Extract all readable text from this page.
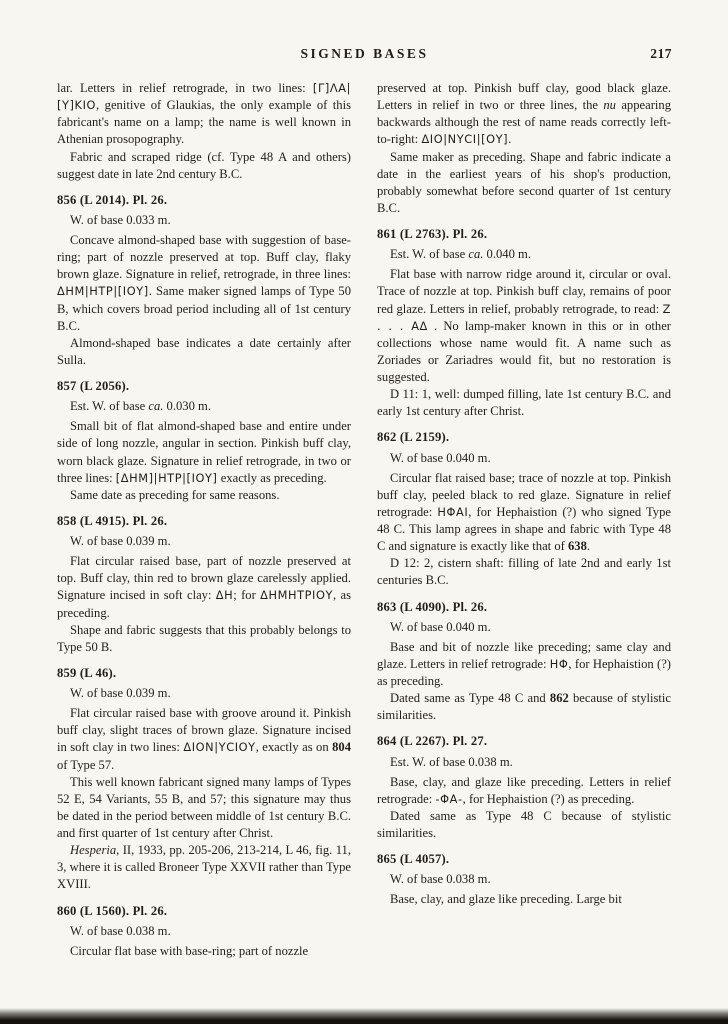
SIGNED BASES	217

lar. Letters in relief retrograde, in two lines: [Γ]ΛΑ|[Υ]ΚΙΟ, genitive of Glaukias, the only example of this fabricant's name on a lamp; the name is well known in Athenian prosopography.

Fabric and scraped ridge (cf. Type 48 A and others) suggest date in late 2nd century B.C.

856 (L 2014). Pl. 26.

W. of base 0.033 m.

Concave almond-shaped base with suggestion of base-ring; part of nozzle preserved at top. Buff clay, flaky brown glaze. Signature in relief, retrograde, in three lines: ΔΗΜ|ΗΤΡ|[ΙΟΥ]. Same maker signed lamps of Type 50 B, which covers broad period including all of 1st century B.C.

Almond-shaped base indicates a date certainly after Sulla.

857 (L 2056).

Est. W. of base ca. 0.030 m.

Small bit of flat almond-shaped base and entire under side of long nozzle, angular in section. Pinkish buff clay, worn black glaze. Signature in relief retrograde, in two or three lines: [ΔΗΜ]|ΗΤΡ|[ΙΟΥ] exactly as preceding.

Same date as preceding for same reasons.

858 (L 4915). Pl. 26.

W. of base 0.039 m.

Flat circular raised base, part of nozzle preserved at top. Buff clay, thin red to brown glaze carelessly applied. Signature incised in soft clay: ΔΗ; for ΔΗΜΗΤΡΙΟΥ, as preceding.

Shape and fabric suggests that this probably belongs to Type 50 B.

859 (L 46).

W. of base 0.039 m.

Flat circular raised base with groove around it. Pinkish buff clay, slight traces of brown glaze. Signature incised in soft clay in two lines: ΔΙΟΝ|ΥCΙΟΥ, exactly as on 804 of Type 57.

This well known fabricant signed many lamps of Types 52 E, 54 Variants, 55 B, and 57; this signature may thus be dated in the period between middle of 1st century B.C. and first quarter of 1st century after Christ.

Hesperia, II, 1933, pp. 205-206, 213-214, L 46, fig. 11, 3, where it is called Broneer Type XXVII rather than Type XVIII.

860 (L 1560). Pl. 26.

W. of base 0.038 m.

Circular flat base with base-ring; part of nozzle

preserved at top. Pinkish buff clay, good black glaze. Letters in relief in two or three lines, the nu appearing backwards although the rest of name reads correctly left-to-right: ΔΙΟ|ΝΥCΙ|[ΟΥ].

Same maker as preceding. Shape and fabric indicate a date in the earliest years of his shop's production, probably somewhat before second quarter of 1st century B.C.

861 (L 2763). Pl. 26.

Est. W. of base ca. 0.040 m.

Flat base with narrow ridge around it, circular or oval. Trace of nozzle at top. Pinkish buff clay, remains of poor red glaze. Letters in relief, probably retrograde, to read: Z . . . ΑΔ . No lamp-maker known in this or in other collections whose name would fit. A name such as Zoriades or Zariadres would fit, but no restoration is suggested.

D 11: 1, well: dumped filling, late 1st century B.C. and early 1st century after Christ.

862 (L 2159).

W. of base 0.040 m.

Circular flat raised base; trace of nozzle at top. Pinkish buff clay, peeled black to red glaze. Signature in relief retrograde: ΗΦΑΙ, for Hephaistion (?) who signed Type 48 C. This lamp agrees in shape and fabric with Type 48 C and signature is exactly like that of 638.

D 12: 2, cistern shaft: filling of late 2nd and early 1st centuries B.C.

863 (L 4090). Pl. 26.

W. of base 0.040 m.

Base and bit of nozzle like preceding; same clay and glaze. Letters in relief retrograde: ΗΦ, for Hephaistion (?) as preceding.

Dated same as Type 48 C and 862 because of stylistic similarities.

864 (L 2267). Pl. 27.

Est. W. of base 0.038 m.

Base, clay, and glaze like preceding. Letters in relief retrograde: -ΦΑ-, for Hephaistion (?) as preceding.

Dated same as Type 48 C because of stylistic similarities.

865 (L 4057).

W. of base 0.038 m.

Base, clay, and glaze like preceding. Large bit
